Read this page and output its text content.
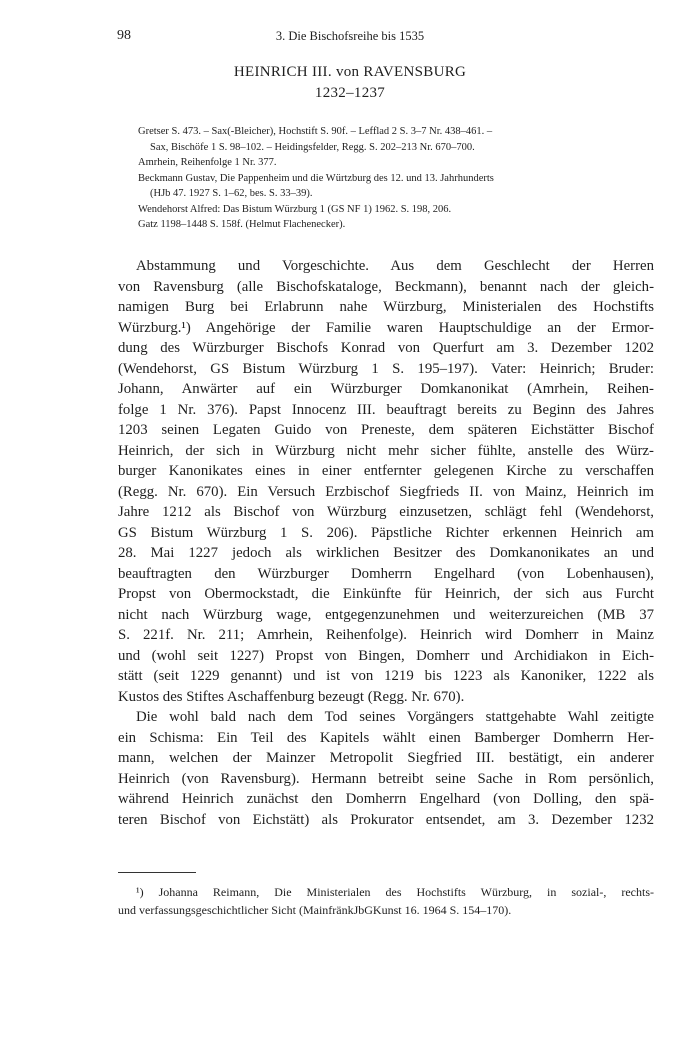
98	3. Die Bischofsreihe bis 1535
HEINRICH III. von RAVENSBURG
1232–1237
Gretser S. 473. – Sax(-Bleicher), Hochstift S. 90f. – Lefflad 2 S. 3–7 Nr. 438–461. –
Sax, Bischöfe 1 S. 98–102. – Heidingsfelder, Regg. S. 202–213 Nr. 670–700.
Amrhein, Reihenfolge 1 Nr. 377.
Beckmann Gustav, Die Pappenheim und die Würtzburg des 12. und 13. Jahrhunderts
(HJb 47. 1927 S. 1–62, bes. S. 33–39).
Wendehorst Alfred: Das Bistum Würzburg 1 (GS NF 1) 1962. S. 198, 206.
Gatz 1198–1448 S. 158f. (Helmut Flachenecker).
Abstammung und Vorgeschichte. Aus dem Geschlecht der Herren
von Ravensburg (alle Bischofskataloge, Beckmann), benannt nach der gleich-
namigen Burg bei Erlabrunn nahe Würzburg, Ministerialen des Hochstifts
Würzburg.¹) Angehörige der Familie waren Hauptschuldige an der Ermor-
dung des Würzburger Bischofs Konrad von Querfurt am 3. Dezember 1202
(Wendehorst, GS Bistum Würzburg 1 S. 195–197). Vater: Heinrich; Bruder:
Johann, Anwärter auf ein Würzburger Domkanonikat (Amrhein, Reihen-
folge 1 Nr. 376). Papst Innocenz III. beauftragt bereits zu Beginn des Jahres
1203 seinen Legaten Guido von Preneste, dem späteren Eichstätter Bischof
Heinrich, der sich in Würzburg nicht mehr sicher fühlte, anstelle des Würz-
burger Kanonikates eines in einer entfernter gelegenen Kirche zu verschaffen
(Regg. Nr. 670). Ein Versuch Erzbischof Siegfrieds II. von Mainz, Heinrich im
Jahre 1212 als Bischof von Würzburg einzusetzen, schlägt fehl (Wendehorst,
GS Bistum Würzburg 1 S. 206). Päpstliche Richter erkennen Heinrich am
28. Mai 1227 jedoch als wirklichen Besitzer des Domkanonikates an und
beauftragten den Würzburger Domherrn Engelhard (von Lobenhausen),
Propst von Obermockstadt, die Einkünfte für Heinrich, der sich aus Furcht
nicht nach Würzburg wage, entgegenzunehmen und weiterzureichen (MB 37
S. 221f. Nr. 211; Amrhein, Reihenfolge). Heinrich wird Domherr in Mainz
und (wohl seit 1227) Propst von Bingen, Domherr und Archidiakon in Eich-
stätt (seit 1229 genannt) und ist von 1219 bis 1223 als Kanoniker, 1222 als
Kustos des Stiftes Aschaffenburg bezeugt (Regg. Nr. 670).
Die wohl bald nach dem Tod seines Vorgängers stattgehabte Wahl zeitigte
ein Schisma: Ein Teil des Kapitels wählt einen Bamberger Domherrn Her-
mann, welchen der Mainzer Metropolit Siegfried III. bestätigt, ein anderer
Heinrich (von Ravensburg). Hermann betreibt seine Sache in Rom persönlich,
während Heinrich zunächst den Domherrn Engelhard (von Dolling, den spä-
teren Bischof von Eichstätt) als Prokurator entsendet, am 3. Dezember 1232
¹) Johanna Reimann, Die Ministerialen des Hochstifts Würzburg, in sozial-, rechts-
und verfassungsgeschichtlicher Sicht (MainfränkJbGKunst 16. 1964 S. 154–170).
